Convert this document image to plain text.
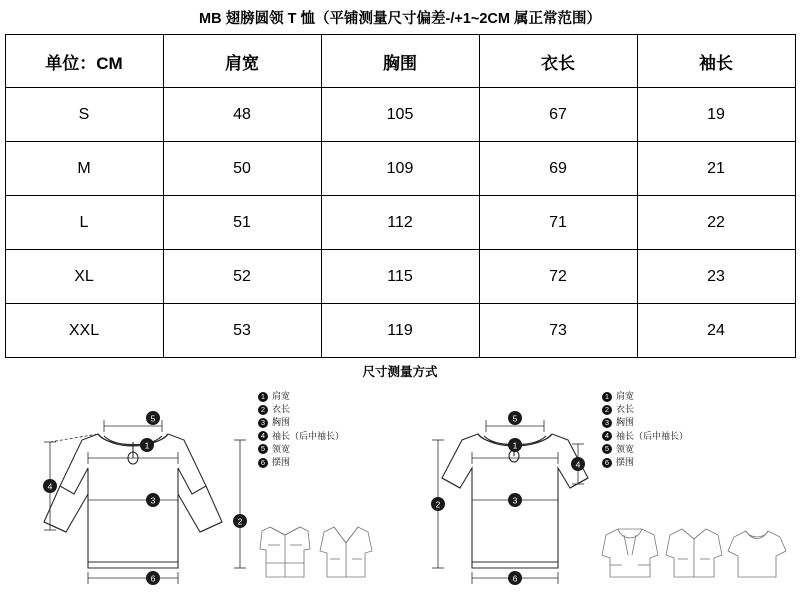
MB 翅膀圆领 T 恤（平铺测量尺寸偏差-/+1~2CM 属正常范围）
单位：CM	肩宽	胸围	衣长	袖长
S	48	105	67	19
M	50	109	69	21
L	51	112	71	22
XL	52	115	72	23
XXL	53	119	73	24
尺寸测量方式
5
1
3
2
4
6
1 肩宽
2 衣长
3 胸围
4 袖长（后中袖长）
5 领宽
6 摆围
5
1
3
2
4
6
1 肩宽
2 衣长
3 胸围
4 袖长（后中袖长）
5 领宽
6 摆围
